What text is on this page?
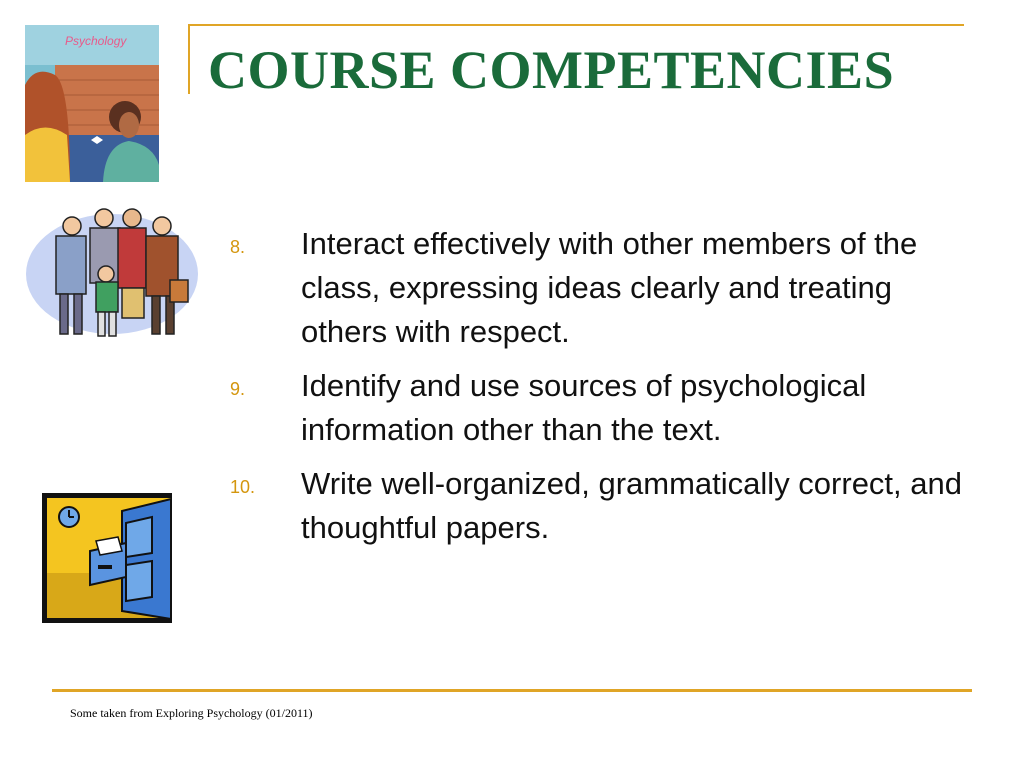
COURSE COMPETENCIES
Psychology
8. Interact effectively with other members of the class, expressing ideas clearly and treating others with respect.
9. Identify and use sources of psychological information other than the text.
10. Write well-organized, grammatically correct, and thoughtful papers.
Some taken from Exploring Psychology (01/2011)
